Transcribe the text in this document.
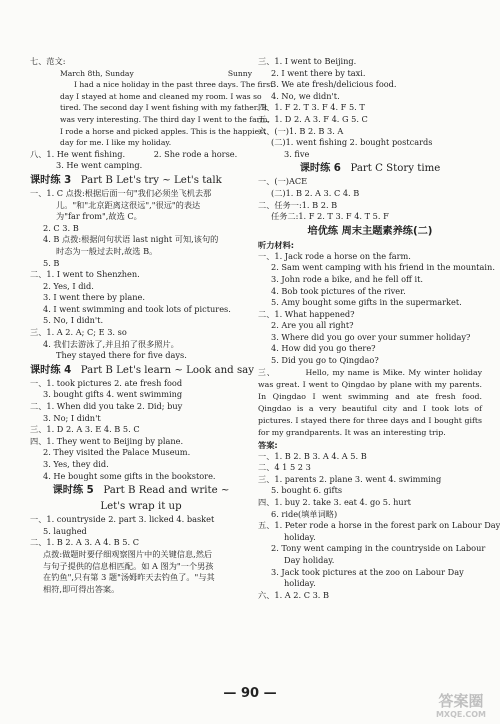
七、范文:
March 8th, Sunday	Sunny
I had a nice holiday in the past three days. The first
day I stayed at home and cleaned my room. I was so
tired. The second day I went fishing with my father. It
was very interesting. The third day I went to the farm.
I rode a horse and picked apples. This is the happiest
day for me. I like my holiday.
八、1. He went fishing.	2. She rode a horse.
3. He went camping.
课时练 3 Part B Let's try ~ Let's talk
一、1. C 点拨:根据后面一句"我们必须坐飞机去那
儿。"和"北京距离这很远","很远"的表达
为"far from",故选 C。
2. C 3. B
4. B 点拨:根据问句状语 last night 可知,该句的
时态为一般过去时,故选 B。
5. B
二、1. I went to Shenzhen.
2. Yes, I did.
3. I went there by plane.
4. I went swimming and took lots of pictures.
5. No, I didn't.
三、1. A 2. A; C; E 3. so
4. 我们去游泳了,并且拍了很多照片。
They stayed there for five days.
课时练 4 Part B Let's learn ~ Look and say
一、1. took pictures 2. ate fresh food
3. bought gifts 4. went swimming
二、1. When did you take 2. Did; buy
3. No; I didn't
三、1. D 2. A 3. E 4. B 5. C
四、1. They went to Beijing by plane.
2. They visited the Palace Museum.
3. Yes, they did.
4. He bought some gifts in the bookstore.
课时练 5 Part B Read and write ~
Let's wrap it up
一、1. countryside 2. part 3. licked 4. basket
5. laughed
二、1. B 2. A 3. A 4. B 5. C
点拨:做题时要仔细观察图片中的关键信息,然后
与句子提供的信息相匹配。如 A 图为"一个男孩
在钓鱼",只有第 3 题"汤姆昨天去钓鱼了。"与其
相符,即可得出答案。
三、1. I went to Beijing.
2. I went there by taxi.
3. We ate fresh/delicious food.
4. No, we didn't.
四、1. F 2. T 3. F 4. F 5. T
五、1. D 2. A 3. F 4. G 5. C
六、(一)1. B 2. B 3. A
(二)1. went fishing 2. bought postcards
3. five
课时练 6 Part C Story time
一、(一)ACE
(二)1. B 2. A 3. C 4. B
二、任务一:1. B 2. B
任务二:1. F 2. T 3. F 4. T 5. F
培优练 周末主题素养练(二)
听力材料:
一、1. Jack rode a horse on the farm.
2. Sam went camping with his friend in the mountain.
3. John rode a bike, and he fell off it.
4. Bob took pictures of the river.
5. Amy bought some gifts in the supermarket.
二、1. What happened?
2. Are you all right?
3. Where did you go over your summer holiday?
4. How did you go there?
5. Did you go to Qingdao?
三、	Hello, my name is Mike. My winter holiday was great. I went to Qingdao by plane with my parents. In Qingdao I went swimming and ate fresh food. Qingdao is a very beautiful city and I took lots of pictures. I stayed there for three days and I bought gifts for my grandparents. It was an interesting trip.
答案:
一、1. B 2. B 3. A 4. A 5. B
二、4 1 5 2 3
三、1. parents 2. plane 3. went 4. swimming
5. bought 6. gifts
四、1. buy 2. take 3. eat 4. go 5. hurt
6. ride(填单词略)
五、1. Peter rode a horse in the forest park on Labour Day
holiday.
2. Tony went camping in the countryside on Labour
Day holiday.
3. Jack took pictures at the zoo on Labour Day
holiday.
六、1. A 2. C 3. B
— 90 —	答案圈
MXQE.COM
